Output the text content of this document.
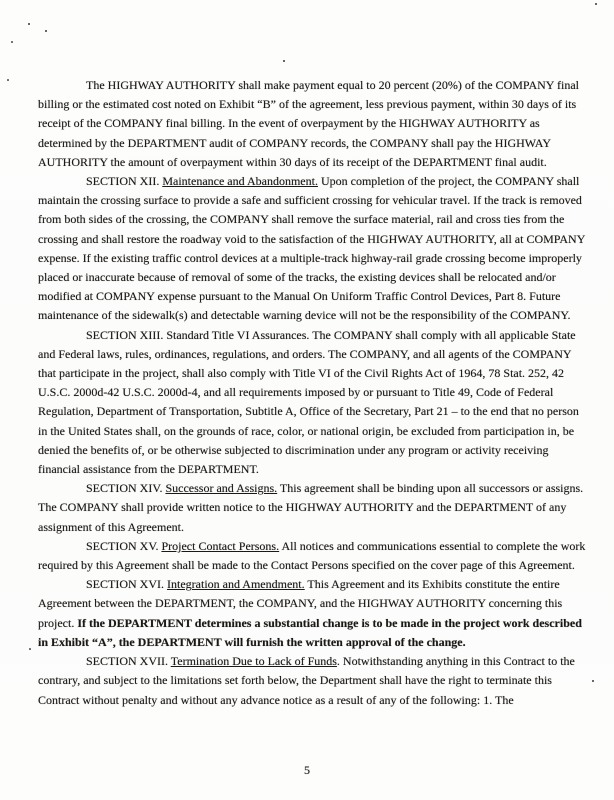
The HIGHWAY AUTHORITY shall make payment equal to 20 percent (20%) of the COMPANY final billing or the estimated cost noted on Exhibit “B” of the agreement, less previous payment, within 30 days of its receipt of the COMPANY final billing. In the event of overpayment by the HIGHWAY AUTHORITY as determined by the DEPARTMENT audit of COMPANY records, the COMPANY shall pay the HIGHWAY AUTHORITY the amount of overpayment within 30 days of its receipt of the DEPARTMENT final audit.

SECTION XII. Maintenance and Abandonment. Upon completion of the project, the COMPANY shall maintain the crossing surface to provide a safe and sufficient crossing for vehicular travel. If the track is removed from both sides of the crossing, the COMPANY shall remove the surface material, rail and cross ties from the crossing and shall restore the roadway void to the satisfaction of the HIGHWAY AUTHORITY, all at COMPANY expense. If the existing traffic control devices at a multiple-track highway-rail grade crossing become improperly placed or inaccurate because of removal of some of the tracks, the existing devices shall be relocated and/or modified at COMPANY expense pursuant to the Manual On Uniform Traffic Control Devices, Part 8. Future maintenance of the sidewalk(s) and detectable warning device will not be the responsibility of the COMPANY.

SECTION XIII. Standard Title VI Assurances. The COMPANY shall comply with all applicable State and Federal laws, rules, ordinances, regulations, and orders. The COMPANY, and all agents of the COMPANY that participate in the project, shall also comply with Title VI of the Civil Rights Act of 1964, 78 Stat. 252, 42 U.S.C. 2000d-42 U.S.C. 2000d-4, and all requirements imposed by or pursuant to Title 49, Code of Federal Regulation, Department of Transportation, Subtitle A, Office of the Secretary, Part 21 – to the end that no person in the United States shall, on the grounds of race, color, or national origin, be excluded from participation in, be denied the benefits of, or be otherwise subjected to discrimination under any program or activity receiving financial assistance from the DEPARTMENT.

SECTION XIV. Successor and Assigns. This agreement shall be binding upon all successors or assigns. The COMPANY shall provide written notice to the HIGHWAY AUTHORITY and the DEPARTMENT of any assignment of this Agreement.

SECTION XV. Project Contact Persons. All notices and communications essential to complete the work required by this Agreement shall be made to the Contact Persons specified on the cover page of this Agreement.

SECTION XVI. Integration and Amendment. This Agreement and its Exhibits constitute the entire Agreement between the DEPARTMENT, the COMPANY, and the HIGHWAY AUTHORITY concerning this project. If the DEPARTMENT determines a substantial change is to be made in the project work described in Exhibit “A”, the DEPARTMENT will furnish the written approval of the change.

SECTION XVII. Termination Due to Lack of Funds. Notwithstanding anything in this Contract to the contrary, and subject to the limitations set forth below, the Department shall have the right to terminate this Contract without penalty and without any advance notice as a result of any of the following: 1. The

5
